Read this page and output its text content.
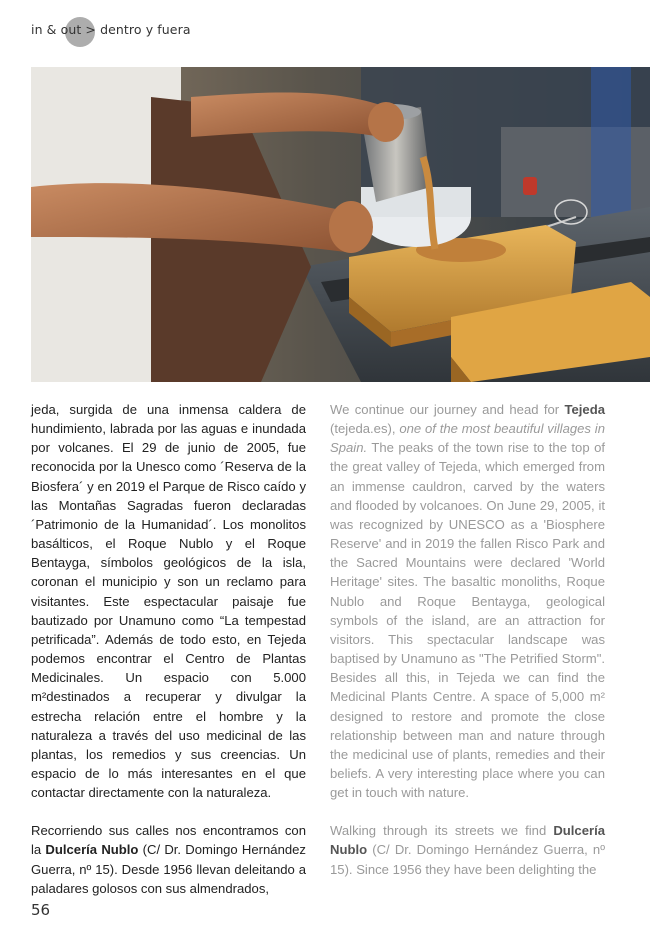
in & out > dentro y fuera

jeda, surgida de una inmensa caldera de hundimiento, labrada por las aguas e inundada por volcanes. El 29 de junio de 2005, fue reconocida por la Unesco como ´Reserva de la Biosfera´ y en 2019 el Parque de Risco caído y las Montañas Sagradas fueron declaradas ´Patrimonio de la Humanidad´. Los monolitos basálticos, el Roque Nublo y el Roque Bentayga, símbolos geológicos de la isla, coronan el municipio y son un reclamo para visitantes. Este espectacular paisaje fue bautizado por Unamuno como “La tempestad petrificada”. Además de todo esto, en Tejeda podemos encontrar el Centro de Plantas Medicinales. Un espacio con 5.000 m²destinados a recuperar y divulgar la estrecha relación entre el hombre y la naturaleza a través del uso medicinal de las plantas, los remedios y sus creencias. Un espacio de lo más interesantes en el que contactar directamente con la naturaleza.

Recorriendo sus calles nos encontramos con la Dulcería Nublo (C/ Dr. Domingo Hernández Guerra, nº 15). Desde 1956 llevan deleitando a paladares golosos con sus almendrados,

We continue our journey and head for Tejeda (tejeda.es), one of the most beautiful villages in Spain. The peaks of the town rise to the top of the great valley of Tejeda, which emerged from an immense cauldron, carved by the waters and flooded by volcanoes. On June 29, 2005, it was recognized by UNESCO as a 'Biosphere Reserve' and in 2019 the fallen Risco Park and the Sacred Mountains were declared 'World Heritage' sites. The basaltic monoliths, Roque Nublo and Roque Bentayga, geological symbols of the island, are an attraction for visitors. This spectacular landscape was baptised by Unamuno as "The Petrified Storm". Besides all this, in Tejeda we can find the Medicinal Plants Centre. A space of 5,000 m² designed to restore and promote the close relationship between man and nature through the medicinal use of plants, remedies and their beliefs. A very interesting place where you can get in touch with nature.

Walking through its streets we find Dulcería Nublo (C/ Dr. Domingo Hernández Guerra, nº 15). Since 1956 they have been delighting the

56
